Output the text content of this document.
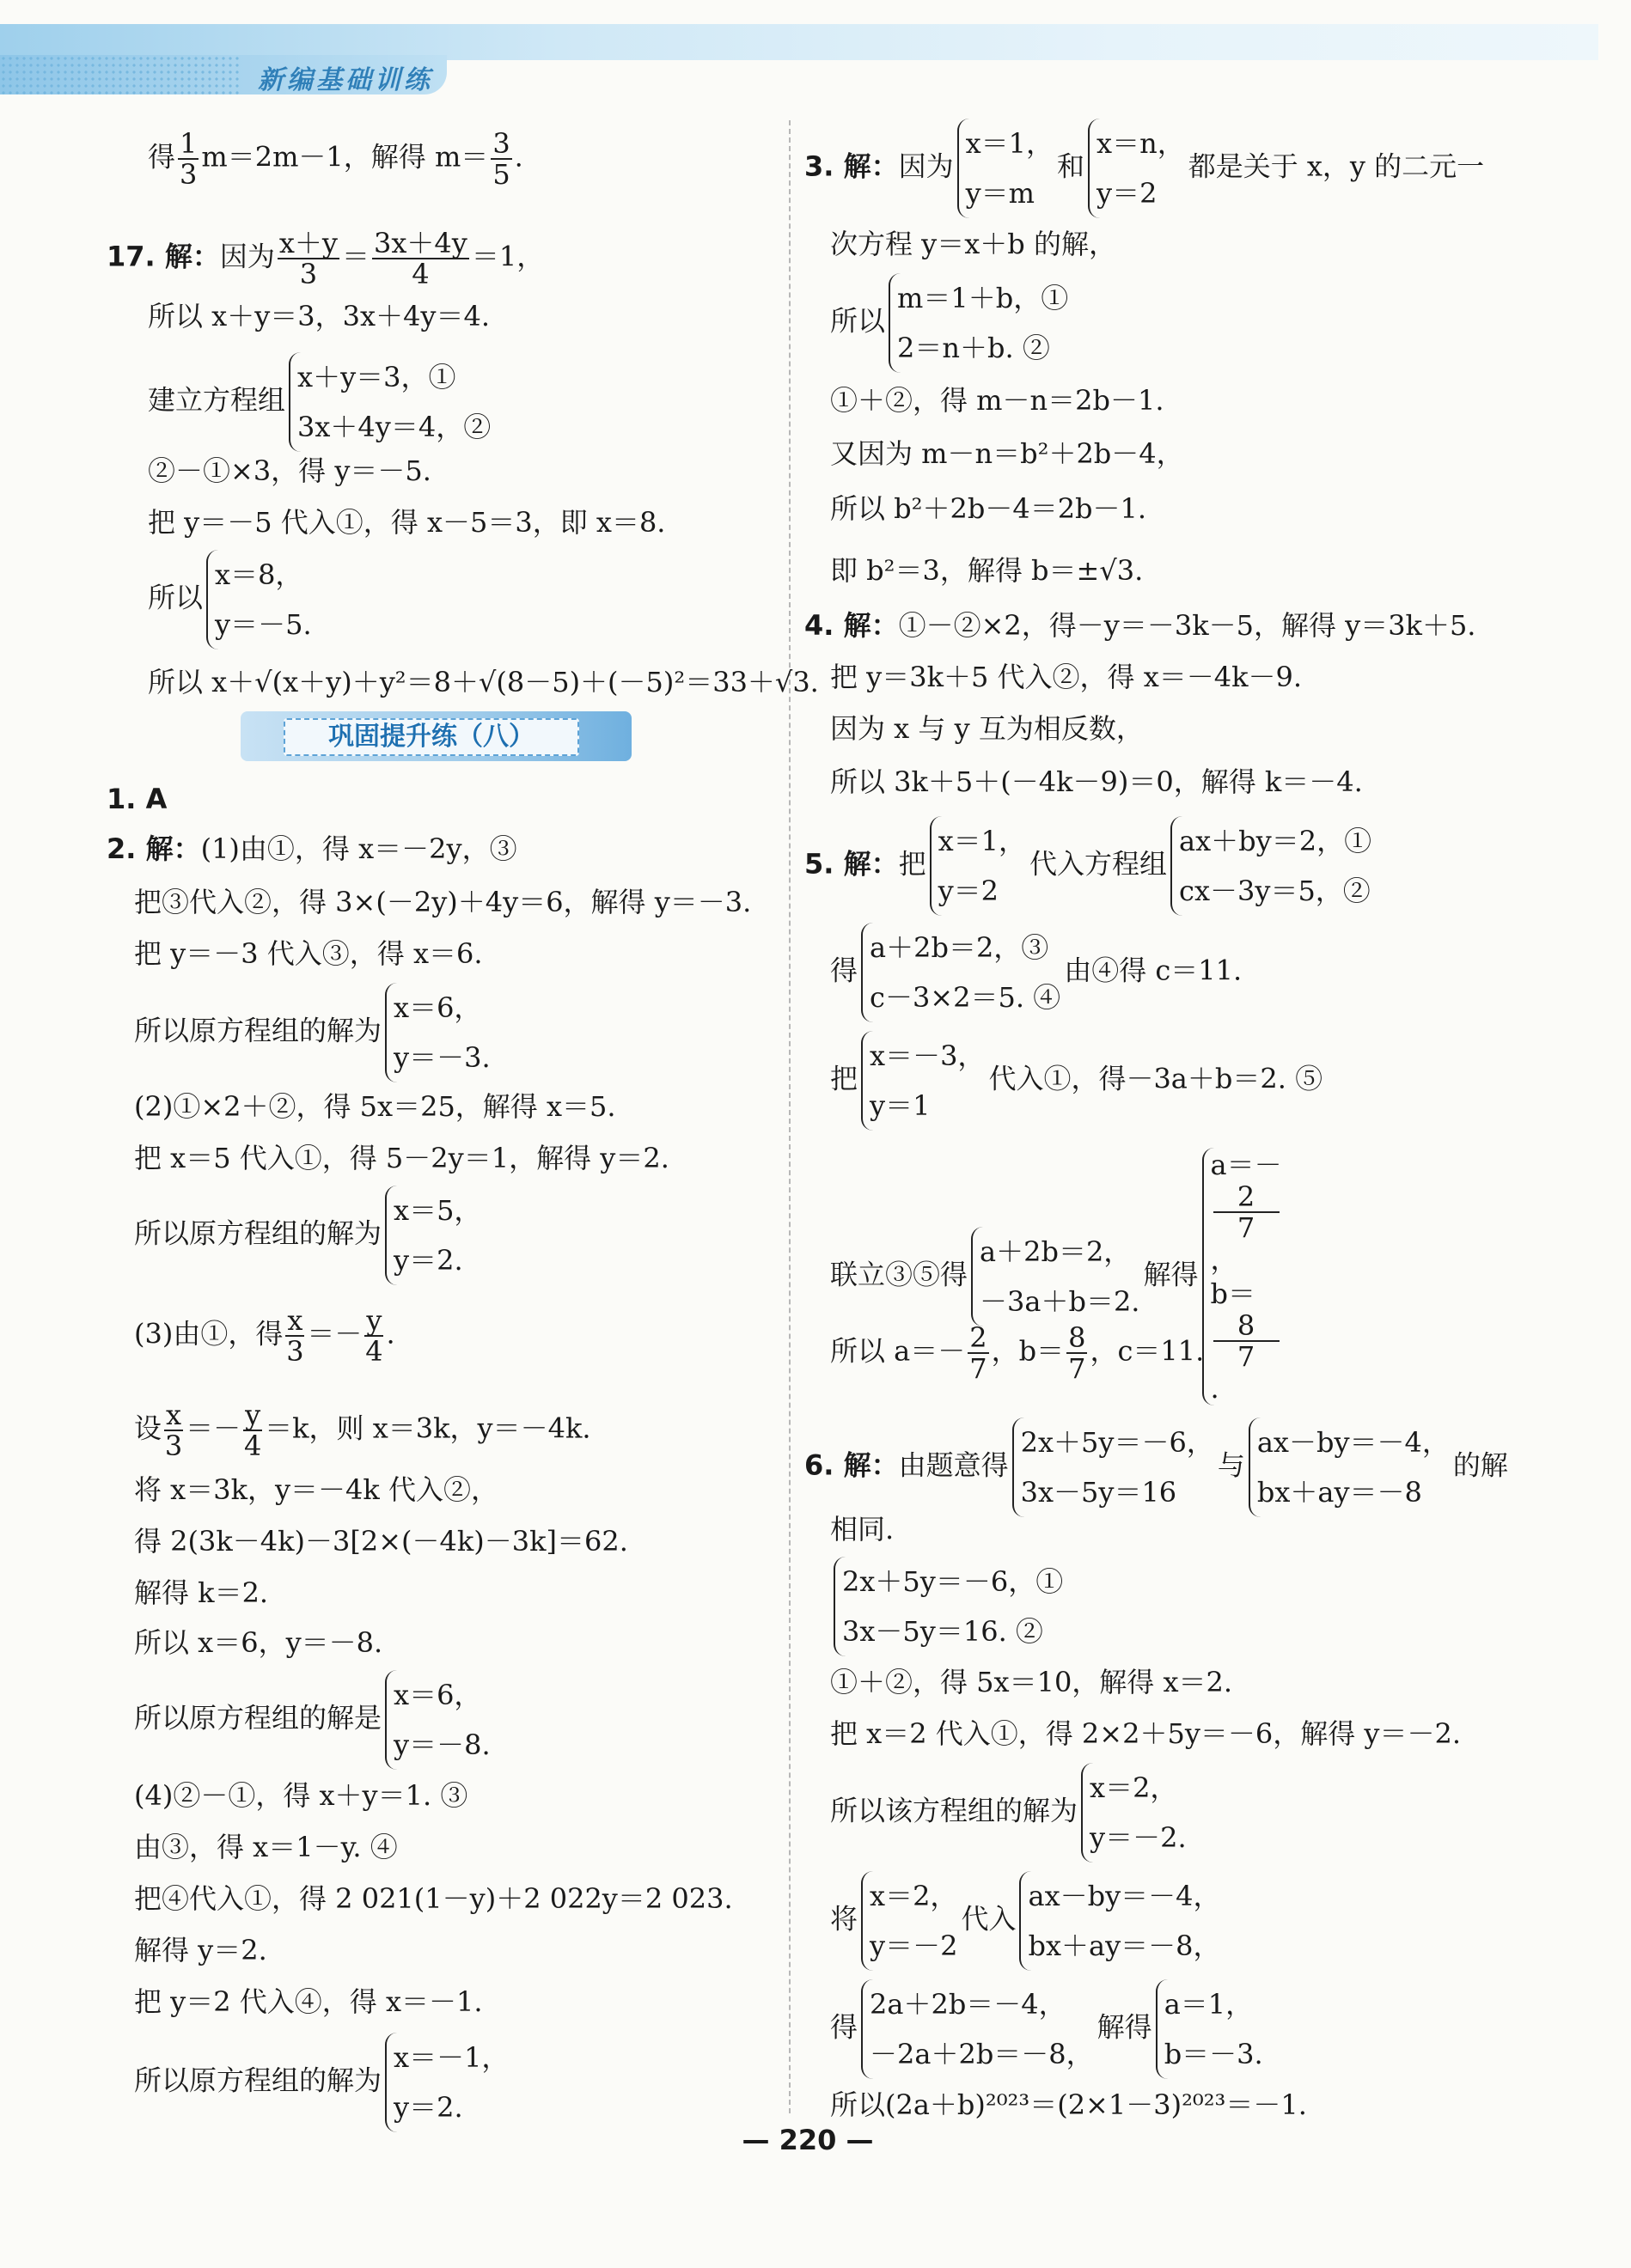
新编基础训练
得 $\frac{1}{3} m=2m-1$，解得 $m= \frac{3}{5}$ .
17. 解：因为 $\frac{x+y}{3} = \frac{3x+4y}{4} =1$，
所以 x＋y＝3，3x＋4y＝4.
建立方程组
x＋y＝3，①
3x＋4y＝4，②
②－①×3，得 y＝－5.
把 y＝－5 代入①，得 x－5＝3，即 x＝8.
所以
x＝8，
y＝－5.
所以 x＋√(x＋y)＋y²＝8＋√(8－5)＋(－5)²＝33＋√3.
巩固提升练（八）
1. A
2. 解：(1)由①，得 x＝－2y，③
把③代入②，得 3×(－2y)＋4y＝6，解得 y＝－3.
把 y＝－3 代入③，得 x＝6.
所以原方程组的解为
x＝6，
y＝－3.
(2)①×2＋②，得 5x＝25，解得 x＝5.
把 x＝5 代入①，得 5－2y＝1，解得 y＝2.
所以原方程组的解为
x＝5，
y＝2.
(3)由①，得 $\frac{x}{3} =- \frac{y}{4}$ .
设 $\frac{x}{3} =- \frac{y}{4} =k$，则 x＝3k，y＝－4k.
将 x＝3k，y＝－4k 代入②，
得 2(3k－4k)－3[2×(－4k)－3k]＝62.
解得 k＝2.
所以 x＝6，y＝－8.
所以原方程组的解是
x＝6，
y＝－8.
(4)②－①，得 x＋y＝1. ③
由③，得 x＝1－y. ④
把④代入①，得 2 021(1－y)＋2 022y＝2 023.
解得 y＝2.
把 y＝2 代入④，得 x＝－1.
所以原方程组的解为
x＝－1，
y＝2.
3. 解：因为
x＝1，
y＝m
和
x＝n，
y＝2
都是关于 x，y 的二元一
次方程 y＝x＋b 的解，
所以
m＝1＋b，①
2＝n＋b. ②
①＋②，得 m－n＝2b－1.
又因为 m－n＝b²＋2b－4，
所以 b²＋2b－4＝2b－1.
即 b²＝3，解得 b＝±√3.
4. 解：①－②×2，得－y＝－3k－5，解得 y＝3k＋5.
把 y＝3k＋5 代入②，得 x＝－4k－9.
因为 x 与 y 互为相反数，
所以 3k＋5＋(－4k－9)＝0，解得 k＝－4.
5. 解：把
x＝1，
y＝2
代入方程组
ax＋by＝2，①
cx－3y＝5，②
得
a＋2b＝2，③
c－3×2＝5. ④
由④得 c＝11.
把
x＝－3，
y＝1
代入①，得－3a＋b＝2. ⑤
联立③⑤得
a＋2b＝2，
－3a＋b＝2.
解得
a＝－
2
7
，
b＝
8
7
.
所以 $a=- \frac{2}{7}$ ，$b= \frac{8}{7}$ ，c＝11.
6. 解：由题意得
2x＋5y＝－6，
3x－5y＝16
与
ax－by＝－4，
bx＋ay＝－8
的解
相同.
2x＋5y＝－6，①
3x－5y＝16. ②
①＋②，得 5x＝10，解得 x＝2.
把 x＝2 代入①，得 2×2＋5y＝－6，解得 y＝－2.
所以该方程组的解为
x＝2，
y＝－2.
将
x＝2，
y＝－2
代入
ax－by＝－4，
bx＋ay＝－8，
得
2a＋2b＝－4，
－2a＋2b＝－8，
解得
a＝1，
b＝－3.
所以(2a＋b)²⁰²³＝(2×1－3)²⁰²³＝－1.
— 220 —
